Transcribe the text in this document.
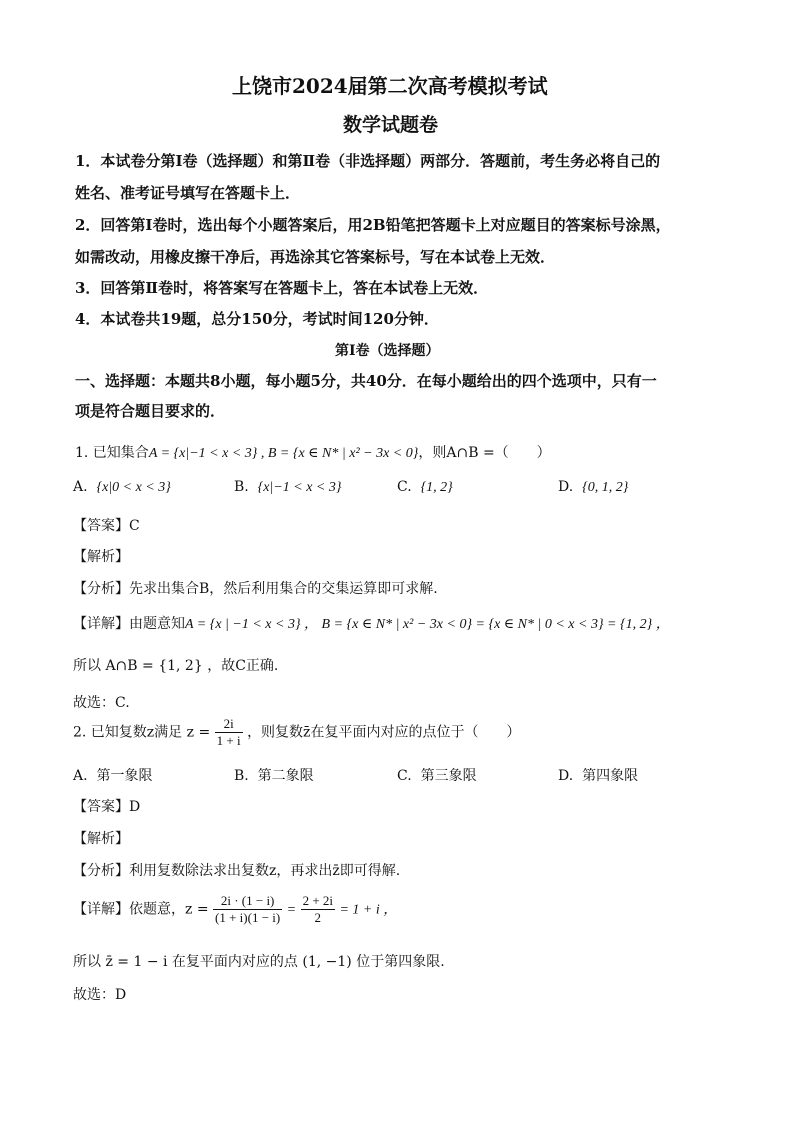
上饶市2024届第二次高考模拟考试
数学试题卷
1．本试卷分第Ⅰ卷（选择题）和第Ⅱ卷（非选择题）两部分．答题前，考生务必将自己的
姓名、准考证号填写在答题卡上．
2．回答第Ⅰ卷时，选出每个小题答案后，用2B铅笔把答题卡上对应题目的答案标号涂黑，
如需改动，用橡皮擦干净后，再选涂其它答案标号，写在本试卷上无效．
3．回答第Ⅱ卷时，将答案写在答题卡上，答在本试卷上无效．
4．本试卷共19题，总分150分，考试时间120分钟．
第Ⅰ卷（选择题）
一、选择题：本题共8小题，每小题5分，共40分．在每小题给出的四个选项中，只有一
项是符合题目要求的．
1. 已知集合A = {x|−1 < x < 3} , B = {x ∈ N* | x² − 3x < 0}，则A∩B =（　　）
A. {x|0 < x < 3}	B. {x|−1 < x < 3}	C. {1, 2}	D. {0, 1, 2}
【答案】C
【解析】
【分析】先求出集合B，然后利用集合的交集运算即可求解.
【详解】由题意知A = {x | −1 < x < 3} ， B = {x ∈ N* | x² − 3x < 0} = {x ∈ N* | 0 < x < 3} = {1, 2} ，
所以 A∩B = {1, 2} ，故C正确.
故选：C.
2. 已知复数z满足 $z = \frac{2i}{1 + i}$ ，则复数z̄在复平面内对应的点位于（　　）
A. 第一象限	B. 第二象限	C. 第三象限	D. 第四象限
【答案】D
【解析】
【分析】利用复数除法求出复数z，再求出z̄即可得解.
【详解】依题意，$z = \frac{2i \cdot (1 - i)}{(1 + i)(1 - i)} = \frac{2 + 2i}{2} = 1 + i$ ，
所以 z̄ = 1 − i 在复平面内对应的点 (1, −1) 位于第四象限.
故选：D
